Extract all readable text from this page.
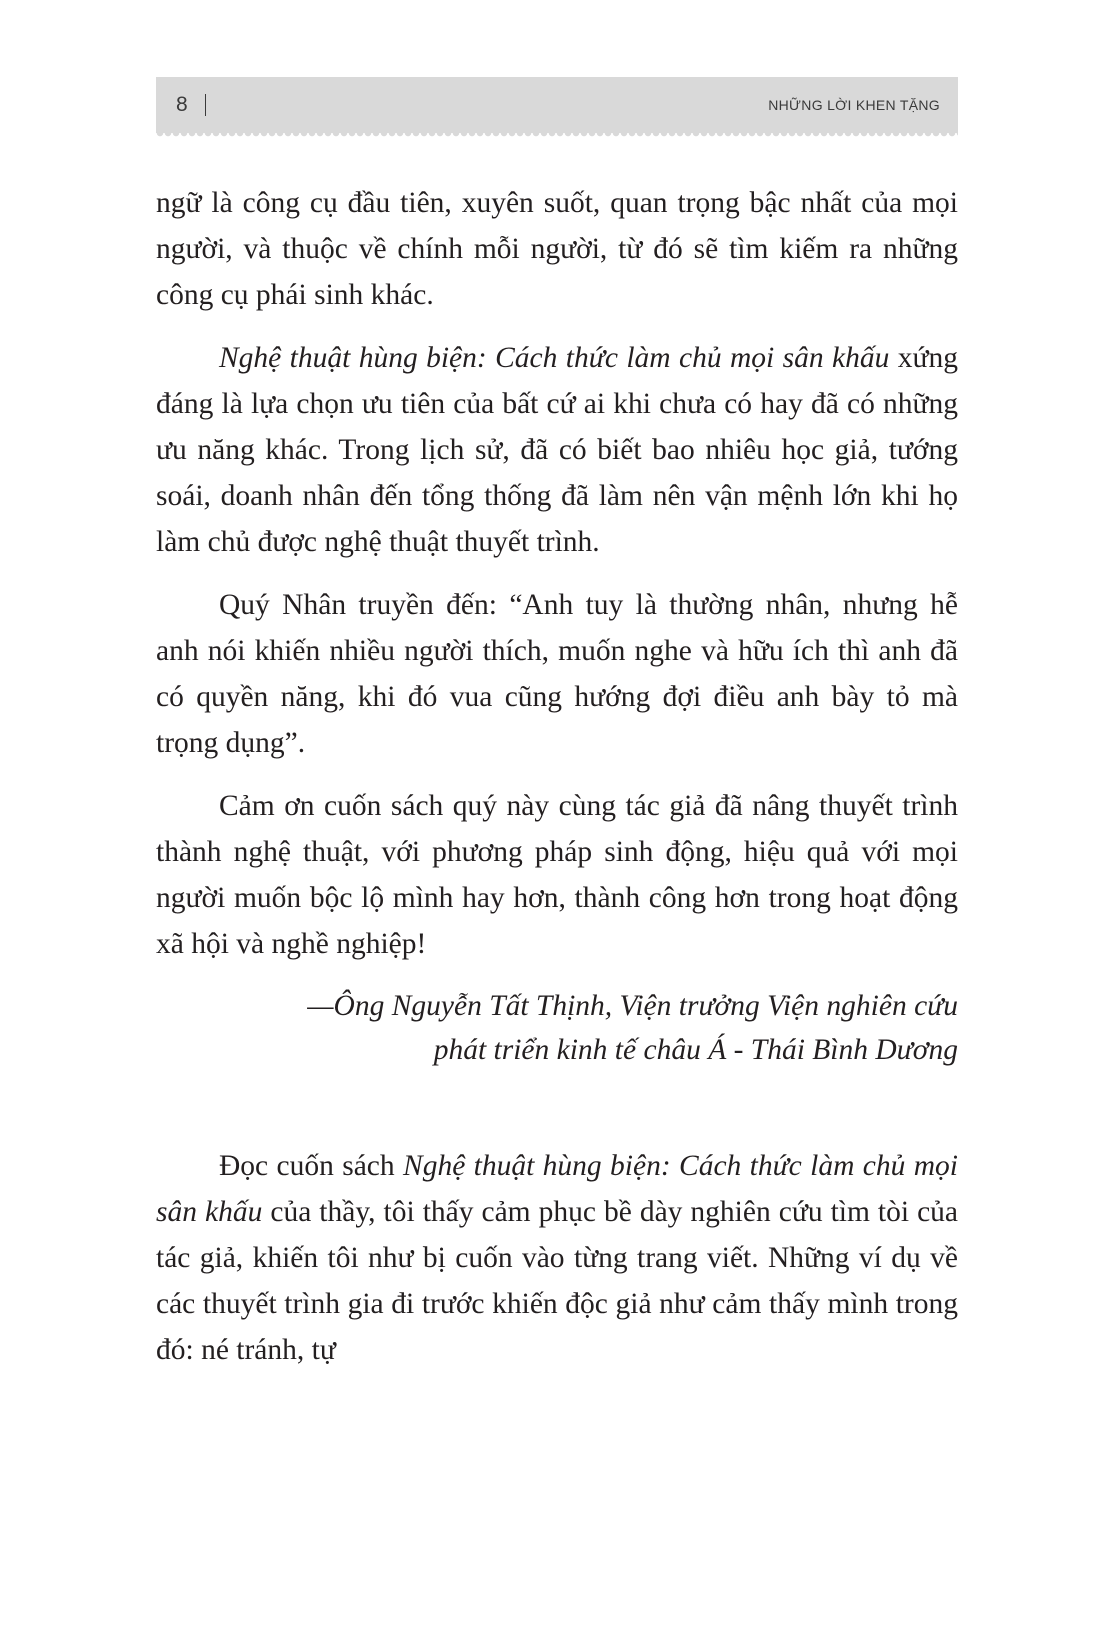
8	NHỮNG LỜI KHEN TẶNG

ngữ là công cụ đầu tiên, xuyên suốt, quan trọng bậc nhất của mọi người, và thuộc về chính mỗi người, từ đó sẽ tìm kiếm ra những công cụ phái sinh khác.

Nghệ thuật hùng biện: Cách thức làm chủ mọi sân khấu xứng đáng là lựa chọn ưu tiên của bất cứ ai khi chưa có hay đã có những ưu năng khác. Trong lịch sử, đã có biết bao nhiêu học giả, tướng soái, doanh nhân đến tổng thống đã làm nên vận mệnh lớn khi họ làm chủ được nghệ thuật thuyết trình.

Quý Nhân truyền đến: “Anh tuy là thường nhân, nhưng hễ anh nói khiến nhiều người thích, muốn nghe và hữu ích thì anh đã có quyền năng, khi đó vua cũng hướng đợi điều anh bày tỏ mà trọng dụng”.

Cảm ơn cuốn sách quý này cùng tác giả đã nâng thuyết trình thành nghệ thuật, với phương pháp sinh động, hiệu quả với mọi người muốn bộc lộ mình hay hơn, thành công hơn trong hoạt động xã hội và nghề nghiệp!

—Ông Nguyễn Tất Thịnh, Viện trưởng Viện nghiên cứu
phát triển kinh tế châu Á - Thái Bình Dương

Đọc cuốn sách Nghệ thuật hùng biện: Cách thức làm chủ mọi sân khấu của thầy, tôi thấy cảm phục bề dày nghiên cứu tìm tòi của tác giả, khiến tôi như bị cuốn vào từng trang viết. Những ví dụ về các thuyết trình gia đi trước khiến độc giả như cảm thấy mình trong đó: né tránh, tự
